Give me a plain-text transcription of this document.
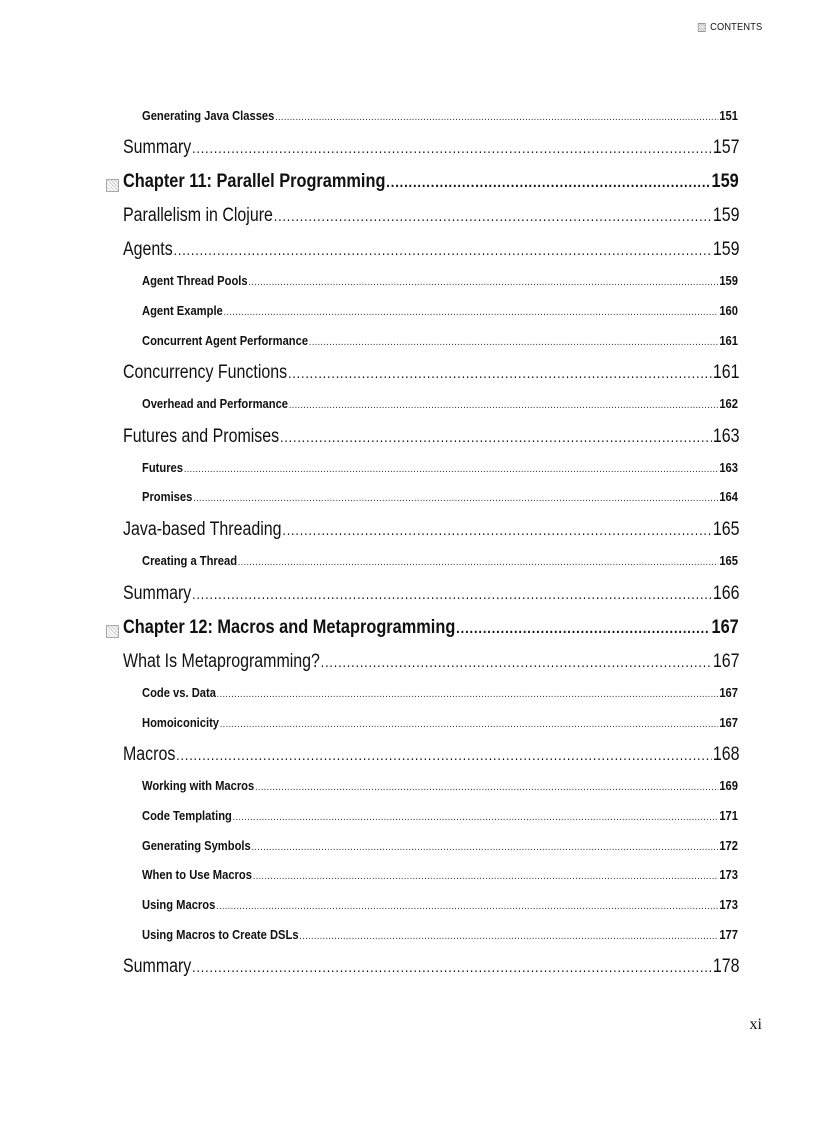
CONTENTS
Generating Java Classes .....	151
Summary .....	157
Chapter 11: Parallel Programming .....	159
Parallelism in Clojure .....	159
Agents .....	159
Agent Thread Pools .....	159
Agent Example .....	160
Concurrent Agent Performance .....	161
Concurrency Functions .....	161
Overhead and Performance .....	162
Futures and Promises .....	163
Futures .....	163
Promises .....	164
Java-based Threading .....	165
Creating a Thread .....	165
Summary .....	166
Chapter 12: Macros and Metaprogramming .....	167
What Is Metaprogramming? .....	167
Code vs. Data .....	167
Homoiconicity .....	167
Macros .....	168
Working with Macros .....	169
Code Templating .....	171
Generating Symbols .....	172
When to Use Macros .....	173
Using Macros .....	173
Using Macros to Create DSLs .....	177
Summary .....	178
xi
